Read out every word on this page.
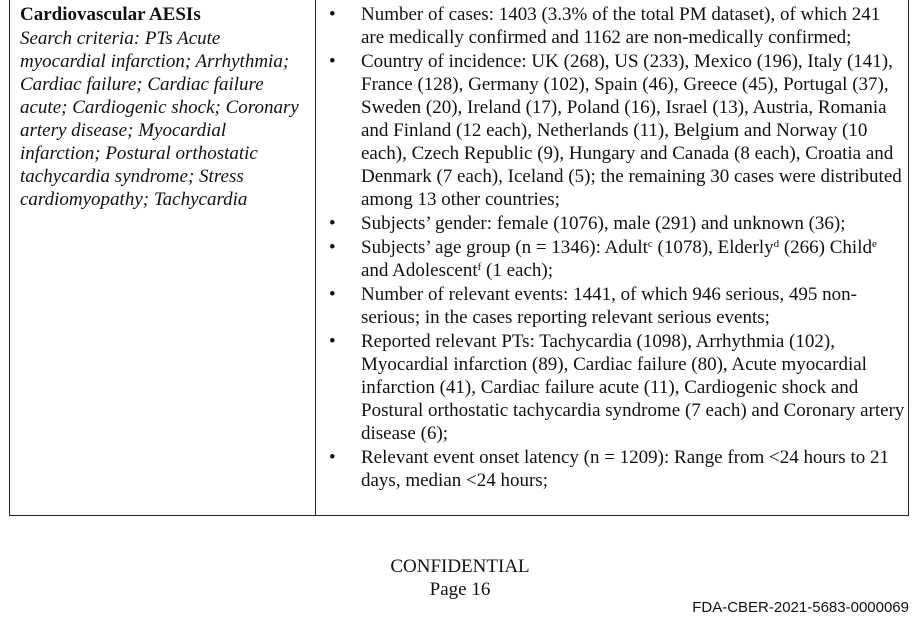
Cardiovascular AESIs

Search criteria: PTs Acute myocardial infarction; Arrhythmia; Cardiac failure; Cardiac failure acute; Cardiogenic shock; Coronary artery disease; Myocardial infarction; Postural orthostatic tachycardia syndrome; Stress cardiomyopathy; Tachycardia

• Number of cases: 1403 (3.3% of the total PM dataset), of which 241 are medically confirmed and 1162 are non-medically confirmed;
• Country of incidence: UK (268), US (233), Mexico (196), Italy (141), France (128), Germany (102), Spain (46), Greece (45), Portugal (37), Sweden (20), Ireland (17), Poland (16), Israel (13), Austria, Romania and Finland (12 each), Netherlands (11), Belgium and Norway (10 each), Czech Republic (9), Hungary and Canada (8 each), Croatia and Denmark (7 each), Iceland (5); the remaining 30 cases were distributed among 13 other countries;
• Subjects’ gender: female (1076), male (291) and unknown (36);
• Subjects’ age group (n = 1346): Adult$^c$ (1078), Elderly$^d$ (266) Child$^e$ and Adolescent$^f$ (1 each);
• Number of relevant events: 1441, of which 946 serious, 495 non-serious; in the cases reporting relevant serious events;
• Reported relevant PTs: Tachycardia (1098), Arrhythmia (102), Myocardial infarction (89), Cardiac failure (80), Acute myocardial infarction (41), Cardiac failure acute (11), Cardiogenic shock and Postural orthostatic tachycardia syndrome (7 each) and Coronary artery disease (6);
• Relevant event onset latency (n = 1209): Range from <24 hours to 21 days, median <24 hours;
CONFIDENTIAL
Page 16
FDA-CBER-2021-5683-0000069
